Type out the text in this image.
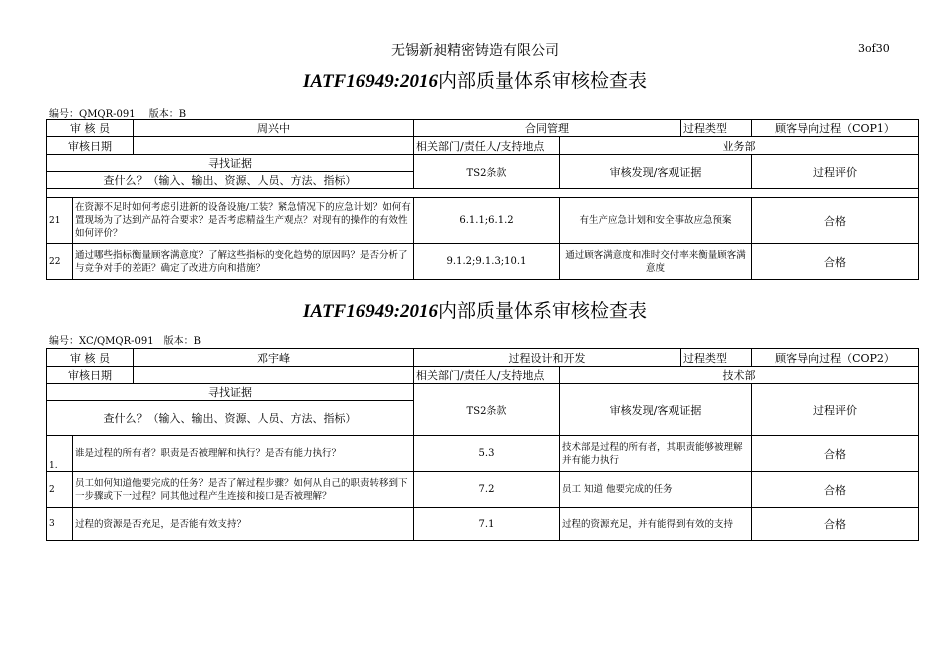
无锡新昶精密铸造有限公司	3of30
IATF16949:2016内部质量体系审核检查表
编号：QMQR-091　 版本：B
审 核 员		周兴中	合同管理		过程类型	顾客导向过程（COP1）
审核日期			相关部门/责任人/支持地点	业务部		
寻找证据			TS2条款	审核发现/客观证据		过程评价
查什么？（输入、输出、资源、人员、方法、指标）						

21	在资源不足时如何考虑引进新的设备设施/工装？紧急情况下的应急计划？如何有置现场为了达到产品符合要求？是否考虑精益生产观点？对现有的操作的有效性如何评价？		6.1.1;6.1.2	有生产应急计划和安全事故应急预案		合格
22	通过哪些指标衡量顾客满意度？了解这些指标的变化趋势的原因吗？是否分析了与竞争对手的差距？确定了改进方向和措施？		9.1.2;9.1.3;10.1	通过顾客满意度和准时交付率来衡量顾客满意度		合格
IATF16949:2016内部质量体系审核检查表
编号：XC/QMQR-091　版本：B
审 核 员		邓宇峰	过程设计和开发		过程类型	顾客导向过程（COP2）
审核日期			相关部门/责任人/支持地点	技术部		
寻找证据			TS2条款	审核发现/客观证据		过程评价
查什么？（输入、输出、资源、人员、方法、指标）						
1.	谁是过程的所有者？职责是否被理解和执行？是否有能力执行？		5.3	技术部是过程的所有者，其职责能够被理解并有能力执行		合格
2	员工如何知道他要完成的任务？是否了解过程步骤？如何从自己的职责转移到下一步骤或下一过程？同其他过程产生连接和接口是否被理解？		7.2	员工 知道 他要完成的任务		合格
3	过程的资源是否充足，是否能有效支持？		7.1	过程的资源充足，并有能得到有效的支持		合格
